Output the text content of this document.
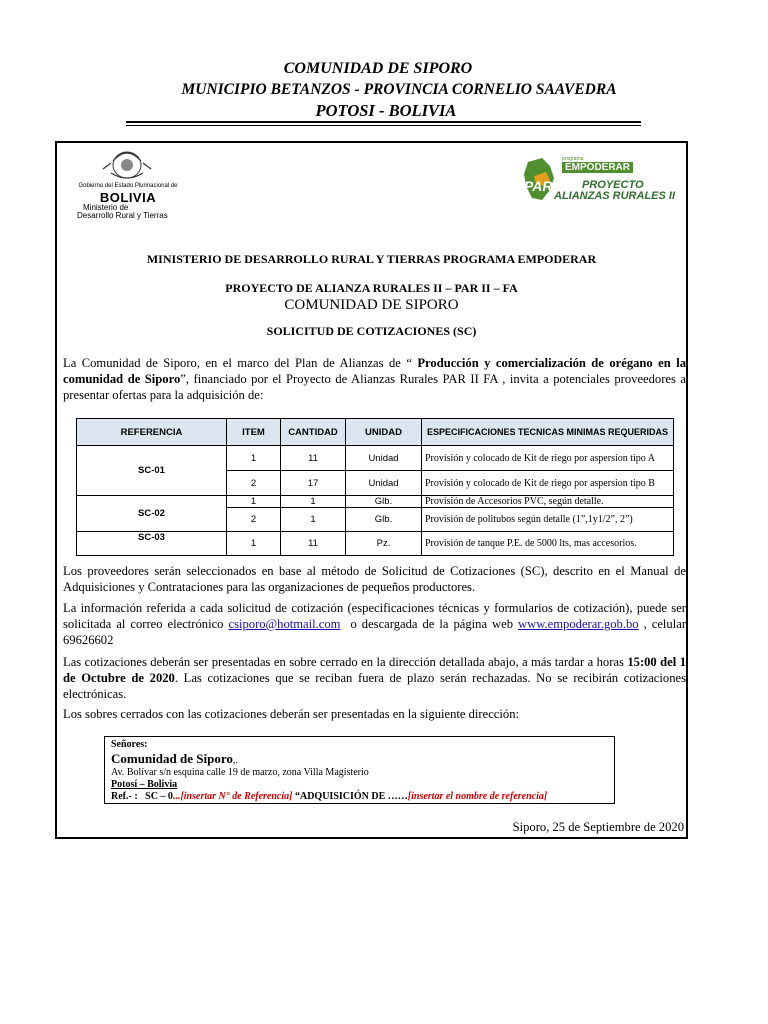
COMUNIDAD DE SIPORO
MUNICIPIO BETANZOS - PROVINCIA CORNELIO SAAVEDRA
POTOSI - BOLIVIA
Gobierno del Estado Plurinacional de
BOLIVIA
Ministerio de
Desarrollo Rural y Tierras
PAR
programa
EMPODERAR
PROYECTO
ALIANZAS RURALES II
MINISTERIO DE DESARROLLO RURAL Y TIERRAS PROGRAMA EMPODERAR
PROYECTO DE ALIANZA RURALES II – PAR II – FA
COMUNIDAD DE SIPORO
SOLICITUD DE COTIZACIONES (SC)
La Comunidad de Siporo, en el marco del Plan de Alianzas de “ Producción y comercialización de orégano en la comunidad de Siporo”, financiado por el Proyecto de Alianzas Rurales PAR II FA , invita a potenciales proveedores a presentar ofertas para la adquisición de:
REFERENCIA	ITEM	CANTIDAD	UNIDAD	ESPECIFICACIONES TECNICAS MINIMAS REQUERIDAS
SC-01	1	11	Unidad	Provisión y colocado de Kit de riego por aspersion tipo A
	2	17	Unidad	Provisión y colocado de Kit de riego por aspersion tipo B
SC-02	1	1	Glb.	Provisión de Accesorios PVC, según detalle.
	2	1	Glb.	Provisión de politubos según detalle (1”,1y1/2”, 2”)
SC-03	1	11	Pz.	Provisión de tanque P.E. de 5000 lts, mas accesorios.
Los proveedores serán seleccionados en base al método de Solicitud de Cotizaciones (SC), descrito en el Manual de Adquisiciones y Contrataciones para las organizaciones de pequeños productores.
La información referida a cada solicitud de cotización (especificaciones técnicas y formularios de cotización), puede ser solicitada al correo electrónico csiporo@hotmail.com  o descargada de la página web www.empoderar.gob.bo , celular 69626602
Las cotizaciones deberán ser presentadas en sobre cerrado en la dirección detallada abajo, a más tardar a horas 15:00 del 1 de Octubre de 2020. Las cotizaciones que se reciban fuera de plazo serán rechazadas. No se recibirán cotizaciones electrónicas.
Los sobres cerrados con las cotizaciones deberán ser presentadas en la siguiente dirección:
Señores:
Comunidad de Siporo,.
Av. Bolívar s/n esquina calle 19 de marzo, zona Villa Magisterio
Potosí – Bolivia
Ref.- :   SC – 0...[insertar N° de Referencia] “ADQUISICIÓN DE ……[insertar el nombre de referencia]
Siporo, 25 de Septiembre de 2020
